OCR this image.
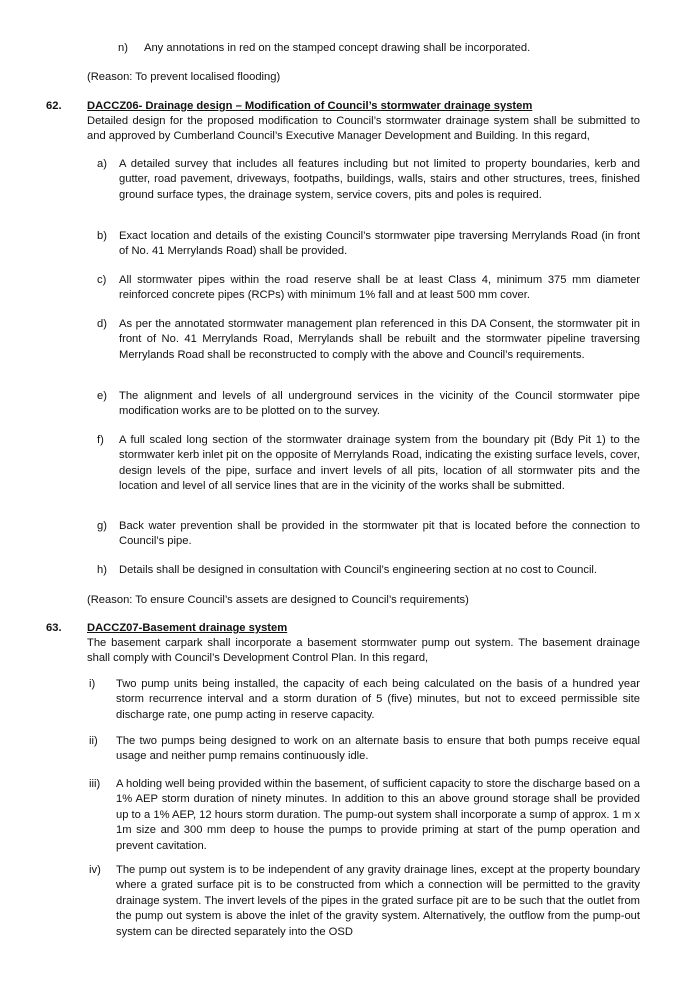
n) Any annotations in red on the stamped concept drawing shall be incorporated.
(Reason: To prevent localised flooding)
62. DACCZ06- Drainage design – Modification of Council’s stormwater drainage system
Detailed design for the proposed modification to Council’s stormwater drainage system shall be submitted to and approved by Cumberland Council’s Executive Manager Development and Building. In this regard,
a) A detailed survey that includes all features including but not limited to property boundaries, kerb and gutter, road pavement, driveways, footpaths, buildings, walls, stairs and other structures, trees, finished ground surface types, the drainage system, service covers, pits and poles is required.
b) Exact location and details of the existing Council’s stormwater pipe traversing Merrylands Road (in front of No. 41 Merrylands Road) shall be provided.
c) All stormwater pipes within the road reserve shall be at least Class 4, minimum 375 mm diameter reinforced concrete pipes (RCPs) with minimum 1% fall and at least 500 mm cover.
d) As per the annotated stormwater management plan referenced in this DA Consent, the stormwater pit in front of No. 41 Merrylands Road, Merrylands shall be rebuilt and the stormwater pipeline traversing Merrylands Road shall be reconstructed to comply with the above and Council’s requirements.
e) The alignment and levels of all underground services in the vicinity of the Council stormwater pipe modification works are to be plotted on to the survey.
f) A full scaled long section of the stormwater drainage system from the boundary pit (Bdy Pit 1) to the stormwater kerb inlet pit on the opposite of Merrylands Road, indicating the existing surface levels, cover, design levels of the pipe, surface and invert levels of all pits, location of all stormwater pits and the location and level of all service lines that are in the vicinity of the works shall be submitted.
g) Back water prevention shall be provided in the stormwater pit that is located before the connection to Council’s pipe.
h) Details shall be designed in consultation with Council’s engineering section at no cost to Council.
(Reason: To ensure Council’s assets are designed to Council’s requirements)
63. DACCZ07-Basement drainage system
The basement carpark shall incorporate a basement stormwater pump out system. The basement drainage shall comply with Council’s Development Control Plan. In this regard,
i) Two pump units being installed, the capacity of each being calculated on the basis of a hundred year storm recurrence interval and a storm duration of 5 (five) minutes, but not to exceed permissible site discharge rate, one pump acting in reserve capacity.
ii) The two pumps being designed to work on an alternate basis to ensure that both pumps receive equal usage and neither pump remains continuously idle.
iii) A holding well being provided within the basement, of sufficient capacity to store the discharge based on a 1% AEP storm duration of ninety minutes. In addition to this an above ground storage shall be provided up to a 1% AEP, 12 hours storm duration. The pump-out system shall incorporate a sump of approx. 1 m x 1m size and 300 mm deep to house the pumps to provide priming at start of the pump operation and prevent cavitation.
iv) The pump out system is to be independent of any gravity drainage lines, except at the property boundary where a grated surface pit is to be constructed from which a connection will be permitted to the gravity drainage system. The invert levels of the pipes in the grated surface pit are to be such that the outlet from the pump out system is above the inlet of the gravity system. Alternatively, the outflow from the pump-out system can be directed separately into the OSD
